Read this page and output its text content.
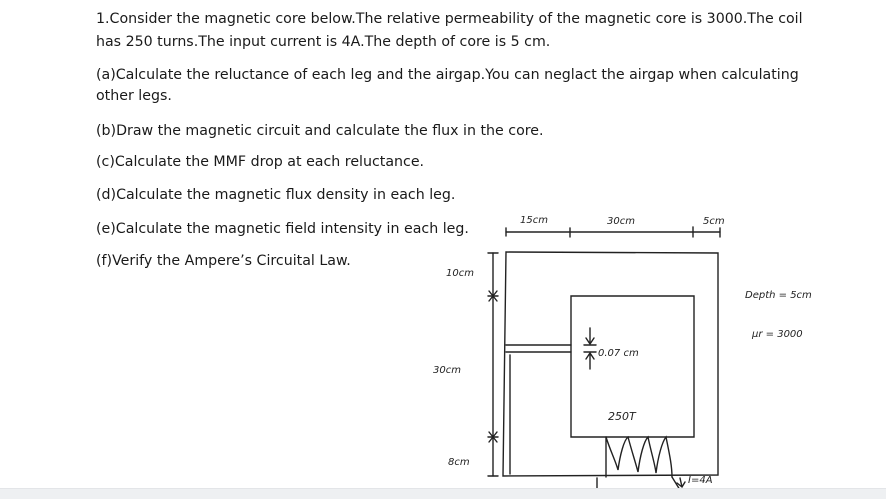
1.Consider the magnetic core below.The relative permeability of the magnetic core is 3000.The coil
has 250 turns.The input current is 4A.The depth of core is 5 cm.
(a)Calculate the reluctance of each leg and the airgap.You can neglact the airgap when calculating
other legs.
(b)Draw the magnetic circuit and calculate the flux in the core.
(c)Calculate the MMF drop at each reluctance.
(d)Calculate the magnetic flux density in each leg.
(e)Calculate the magnetic field intensity in each leg.
(f)Verify the Ampere’s Circuital Law.
15cm	30cm	5cm
10cm
30cm
8cm
0.07 cm
250T
I=4A
Depth = 5cm
μr = 3000
